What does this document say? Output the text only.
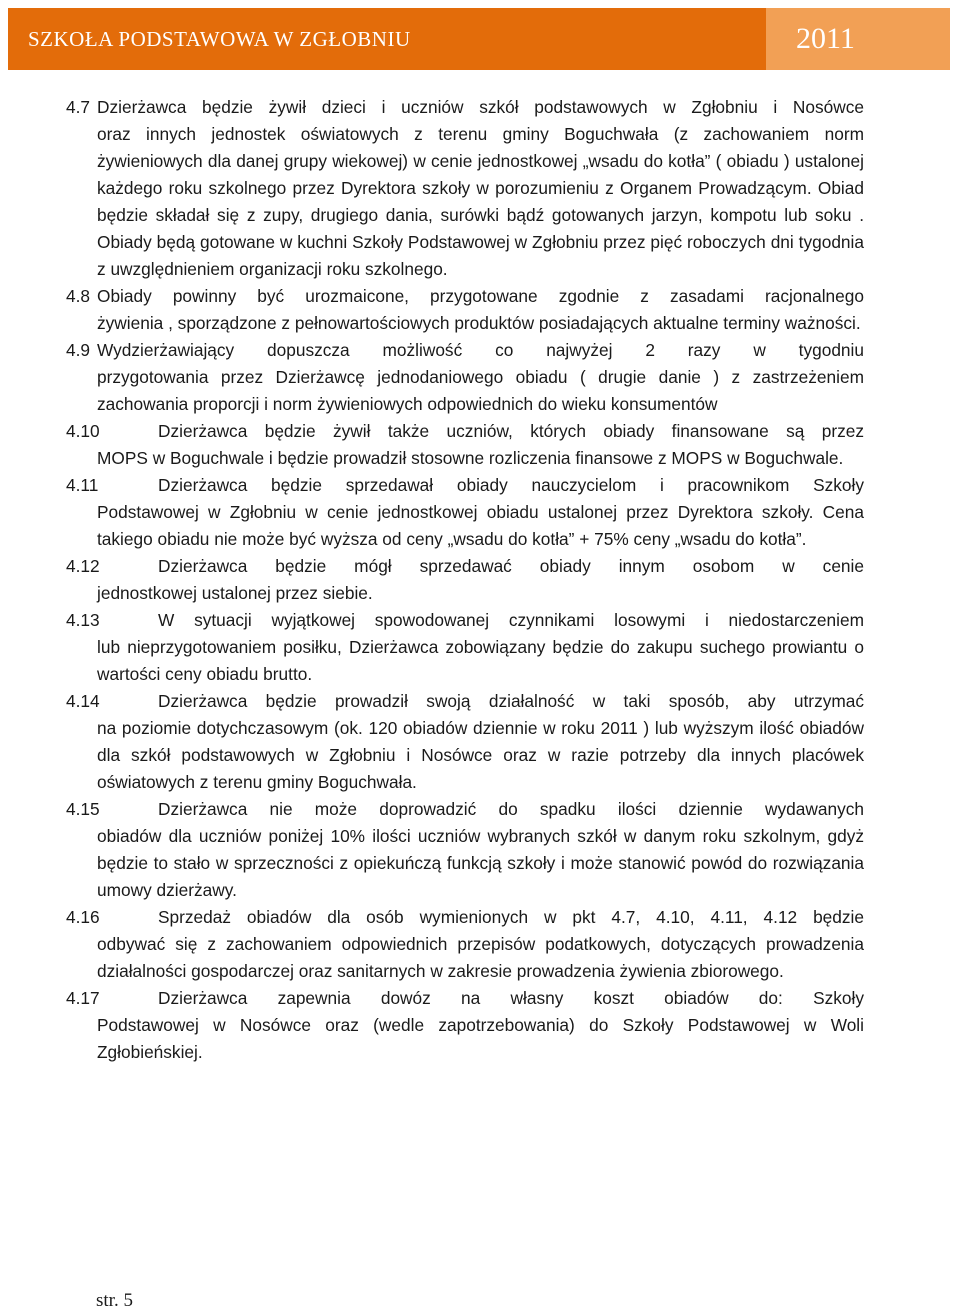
SZKOŁA PODSTAWOWA W ZGŁOBNIU	2011
4.7 Dzierżawca będzie żywił dzieci i uczniów szkół podstawowych w Zgłobniu i Nosówce
oraz innych jednostek oświatowych z terenu gminy Boguchwała (z zachowaniem norm żywieniowych dla danej grupy wiekowej) w cenie jednostkowej „wsadu do kotła” ( obiadu ) ustalonej każdego roku szkolnego przez Dyrektora szkoły w porozumieniu z Organem Prowadzącym. Obiad będzie składał się z zupy, drugiego dania, surówki bądź gotowanych jarzyn, kompotu lub soku . Obiady będą gotowane w kuchni Szkoły Podstawowej w Zgłobniu przez pięć roboczych dni tygodnia z uwzględnieniem organizacji roku szkolnego.
4.8 Obiady powinny być urozmaicone, przygotowane zgodnie z zasadami racjonalnego
żywienia , sporządzone z pełnowartościowych produktów posiadających aktualne terminy ważności.
4.9 Wydzierżawiający dopuszcza możliwość co najwyżej 2 razy w tygodniu
przygotowania przez Dzierżawcę jednodaniowego obiadu ( drugie danie ) z zastrzeżeniem zachowania proporcji i norm żywieniowych odpowiednich do wieku konsumentów
4.10	Dzierżawca będzie żywił także uczniów, których obiady finansowane są przez
MOPS w Boguchwale i będzie prowadził stosowne rozliczenia finansowe z MOPS w Boguchwale.
4.11	Dzierżawca będzie sprzedawał obiady nauczycielom i pracownikom Szkoły
Podstawowej w Zgłobniu w cenie jednostkowej obiadu ustalonej przez Dyrektora szkoły. Cena takiego obiadu nie może być wyższa od ceny „wsadu do kotła” + 75% ceny „wsadu do kotła”.
4.12	Dzierżawca będzie mógł sprzedawać obiady innym osobom w cenie
jednostkowej ustalonej przez siebie.
4.13	W sytuacji wyjątkowej spowodowanej czynnikami losowymi i niedostarczeniem
lub nieprzygotowaniem posiłku, Dzierżawca zobowiązany będzie do zakupu suchego prowiantu o wartości ceny obiadu brutto.
4.14	Dzierżawca będzie prowadził swoją działalność w taki sposób, aby utrzymać
na poziomie dotychczasowym (ok. 120 obiadów dziennie w roku 2011 ) lub wyższym ilość obiadów dla szkół podstawowych w Zgłobniu i Nosówce oraz w razie potrzeby dla innych placówek oświatowych z terenu gminy Boguchwała.
4.15	Dzierżawca nie może doprowadzić do spadku ilości dziennie wydawanych
obiadów dla uczniów poniżej 10% ilości uczniów wybranych szkół w danym roku szkolnym, gdyż będzie to stało w sprzeczności z opiekuńczą funkcją szkoły i może stanowić powód do rozwiązania umowy dzierżawy.
4.16	Sprzedaż obiadów dla osób wymienionych w pkt 4.7, 4.10, 4.11, 4.12 będzie
odbywać się z zachowaniem odpowiednich przepisów podatkowych, dotyczących prowadzenia działalności gospodarczej oraz sanitarnych w zakresie prowadzenia żywienia zbiorowego.
4.17	Dzierżawca zapewnia dowóz na własny koszt obiadów do: Szkoły
Podstawowej w Nosówce oraz (wedle zapotrzebowania) do Szkoły Podstawowej w Woli Zgłobieńskiej.
str. 5
